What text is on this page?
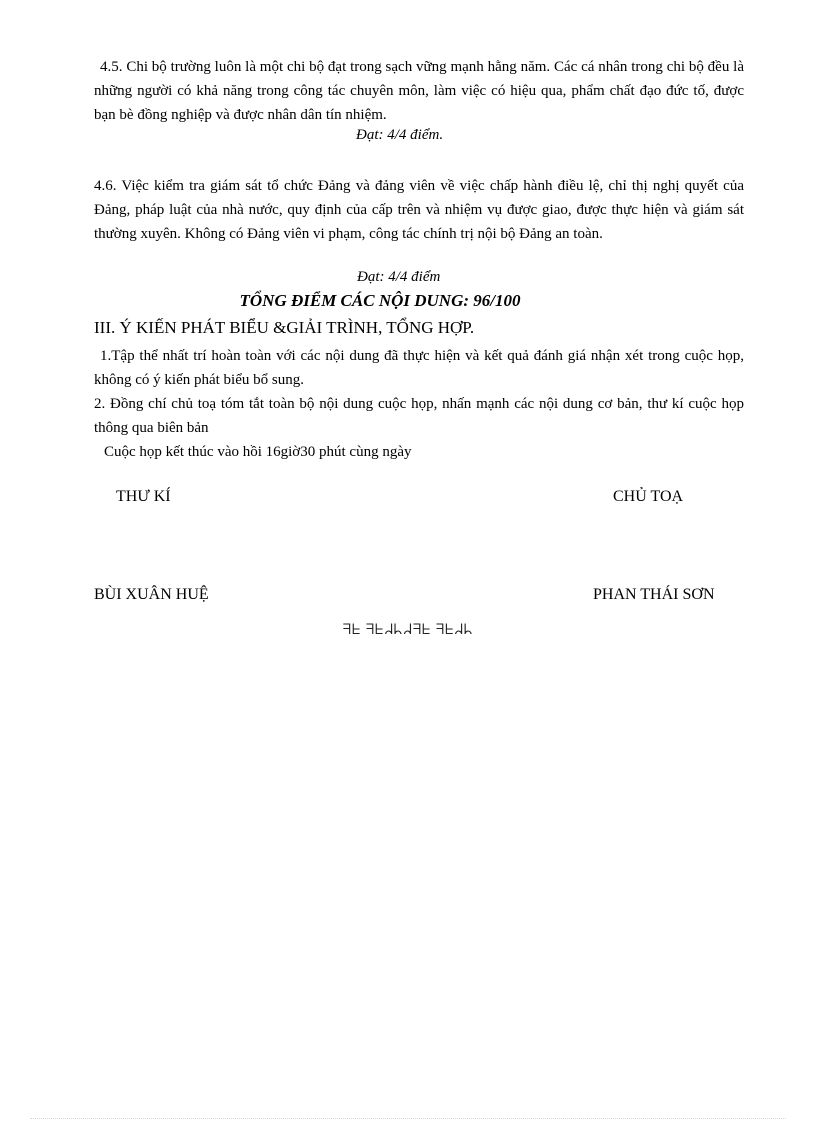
4.5. Chi bộ trường luôn là một chi bộ đạt trong sạch vững mạnh hằng năm. Các cá nhân trong chi bộ đều là những người có khả năng trong công tác chuyên môn, làm việc có hiệu qua, phẩm chất đạo đức tố, được bạn bè đồng nghiệp và được nhân dân tín nhiệm.

Đạt: 4/4 điểm.

4.6. Việc kiểm tra giám sát tổ chức Đảng và đảng viên về việc chấp hành điều lệ, chỉ thị nghị quyết của Đảng, pháp luật của nhà nước, quy định của cấp trên và nhiệm vụ được giao, được thực hiện và giám sát thường xuyên. Không có Đảng viên vi phạm, công tác chính trị nội bộ Đảng an toàn.

Đạt: 4/4 điểm
TỔNG ĐIỂM CÁC NỘI DUNG: 96/100
III. Ý KIẾN PHÁT BIỂU &GIẢI TRÌNH, TỔNG HỢP.

1.Tập thể nhất trí hoàn toàn với các nội dung đã thực hiện và kết quả đánh giá nhận xét trong cuộc họp, không có ý kiến phát biểu bổ sung.

2. Đồng chí chủ toạ tóm tắt toàn bộ nội dung cuộc họp, nhấn mạnh các nội dung cơ bản, thư kí cuộc họp thông qua biên bản

Cuộc họp kết thúc vào hồi 16giờ30 phút cùng ngày

THƯ KÍ	CHỦ TOẠ
BÙI XUÂN HUỆ	PHAN THÁI SƠN
ᖷᖶ ᖷᖶᖹᖺᖹᖷᖶ ᖷᖶᖹᖺ
